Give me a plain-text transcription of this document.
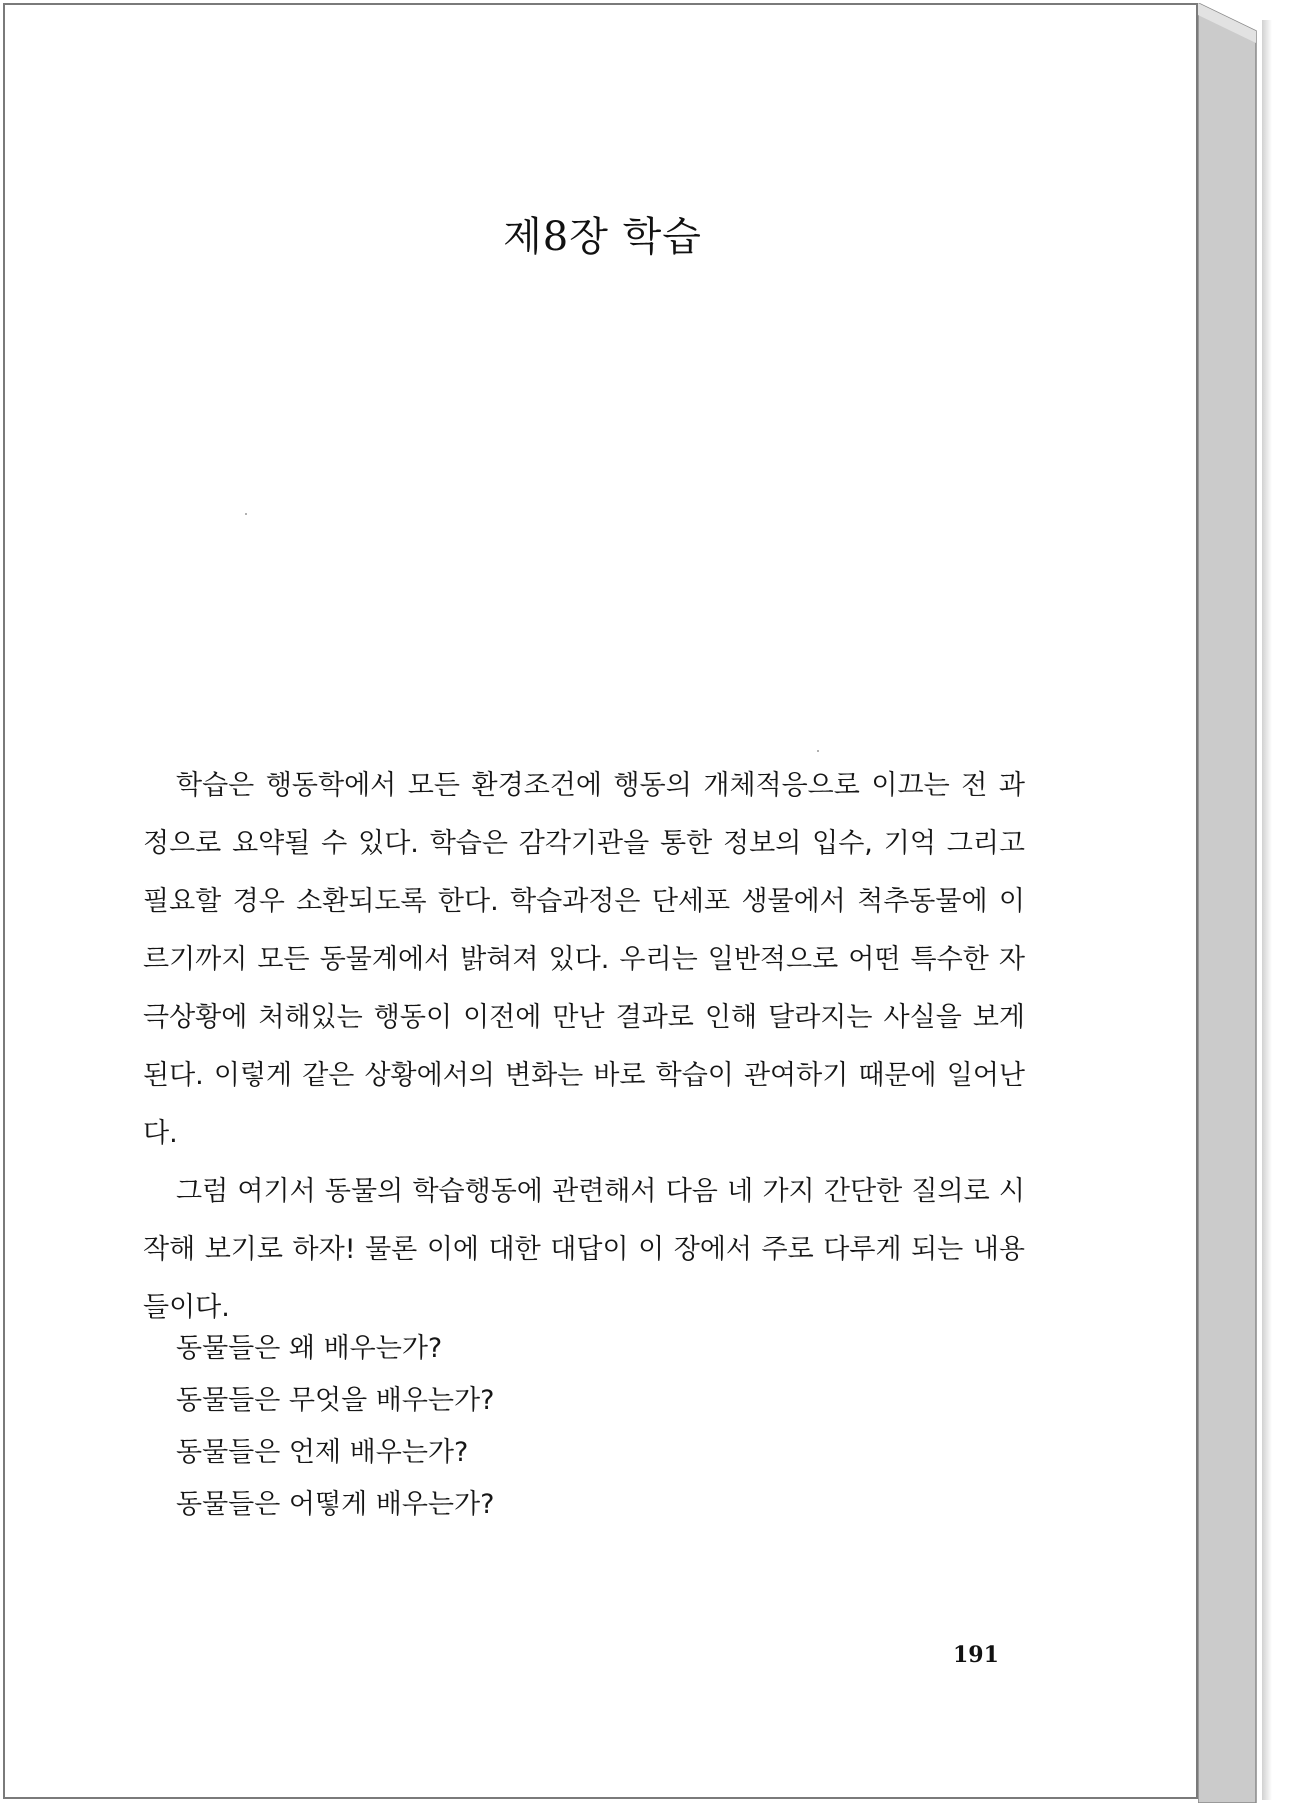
제8장 학습

학습은 행동학에서 모든 환경조건에 행동의 개체적응으로 이끄는 전 과정으로 요약될 수 있다. 학습은 감각기관을 통한 정보의 입수, 기억 그리고 필요할 경우 소환되도록 한다. 학습과정은 단세포 생물에서 척추동물에 이르기까지 모든 동물계에서 밝혀져 있다. 우리는 일반적으로 어떤 특수한 자극상황에 처해있는 행동이 이전에 만난 결과로 인해 달라지는 사실을 보게 된다. 이렇게 같은 상황에서의 변화는 바로 학습이 관여하기 때문에 일어난다.

그럼 여기서 동물의 학습행동에 관련해서 다음 네 가지 간단한 질의로 시작해 보기로 하자! 물론 이에 대한 대답이 이 장에서 주로 다루게 되는 내용들이다.

동물들은 왜 배우는가?
동물들은 무엇을 배우는가?
동물들은 언제 배우는가?
동물들은 어떻게 배우는가?
191
